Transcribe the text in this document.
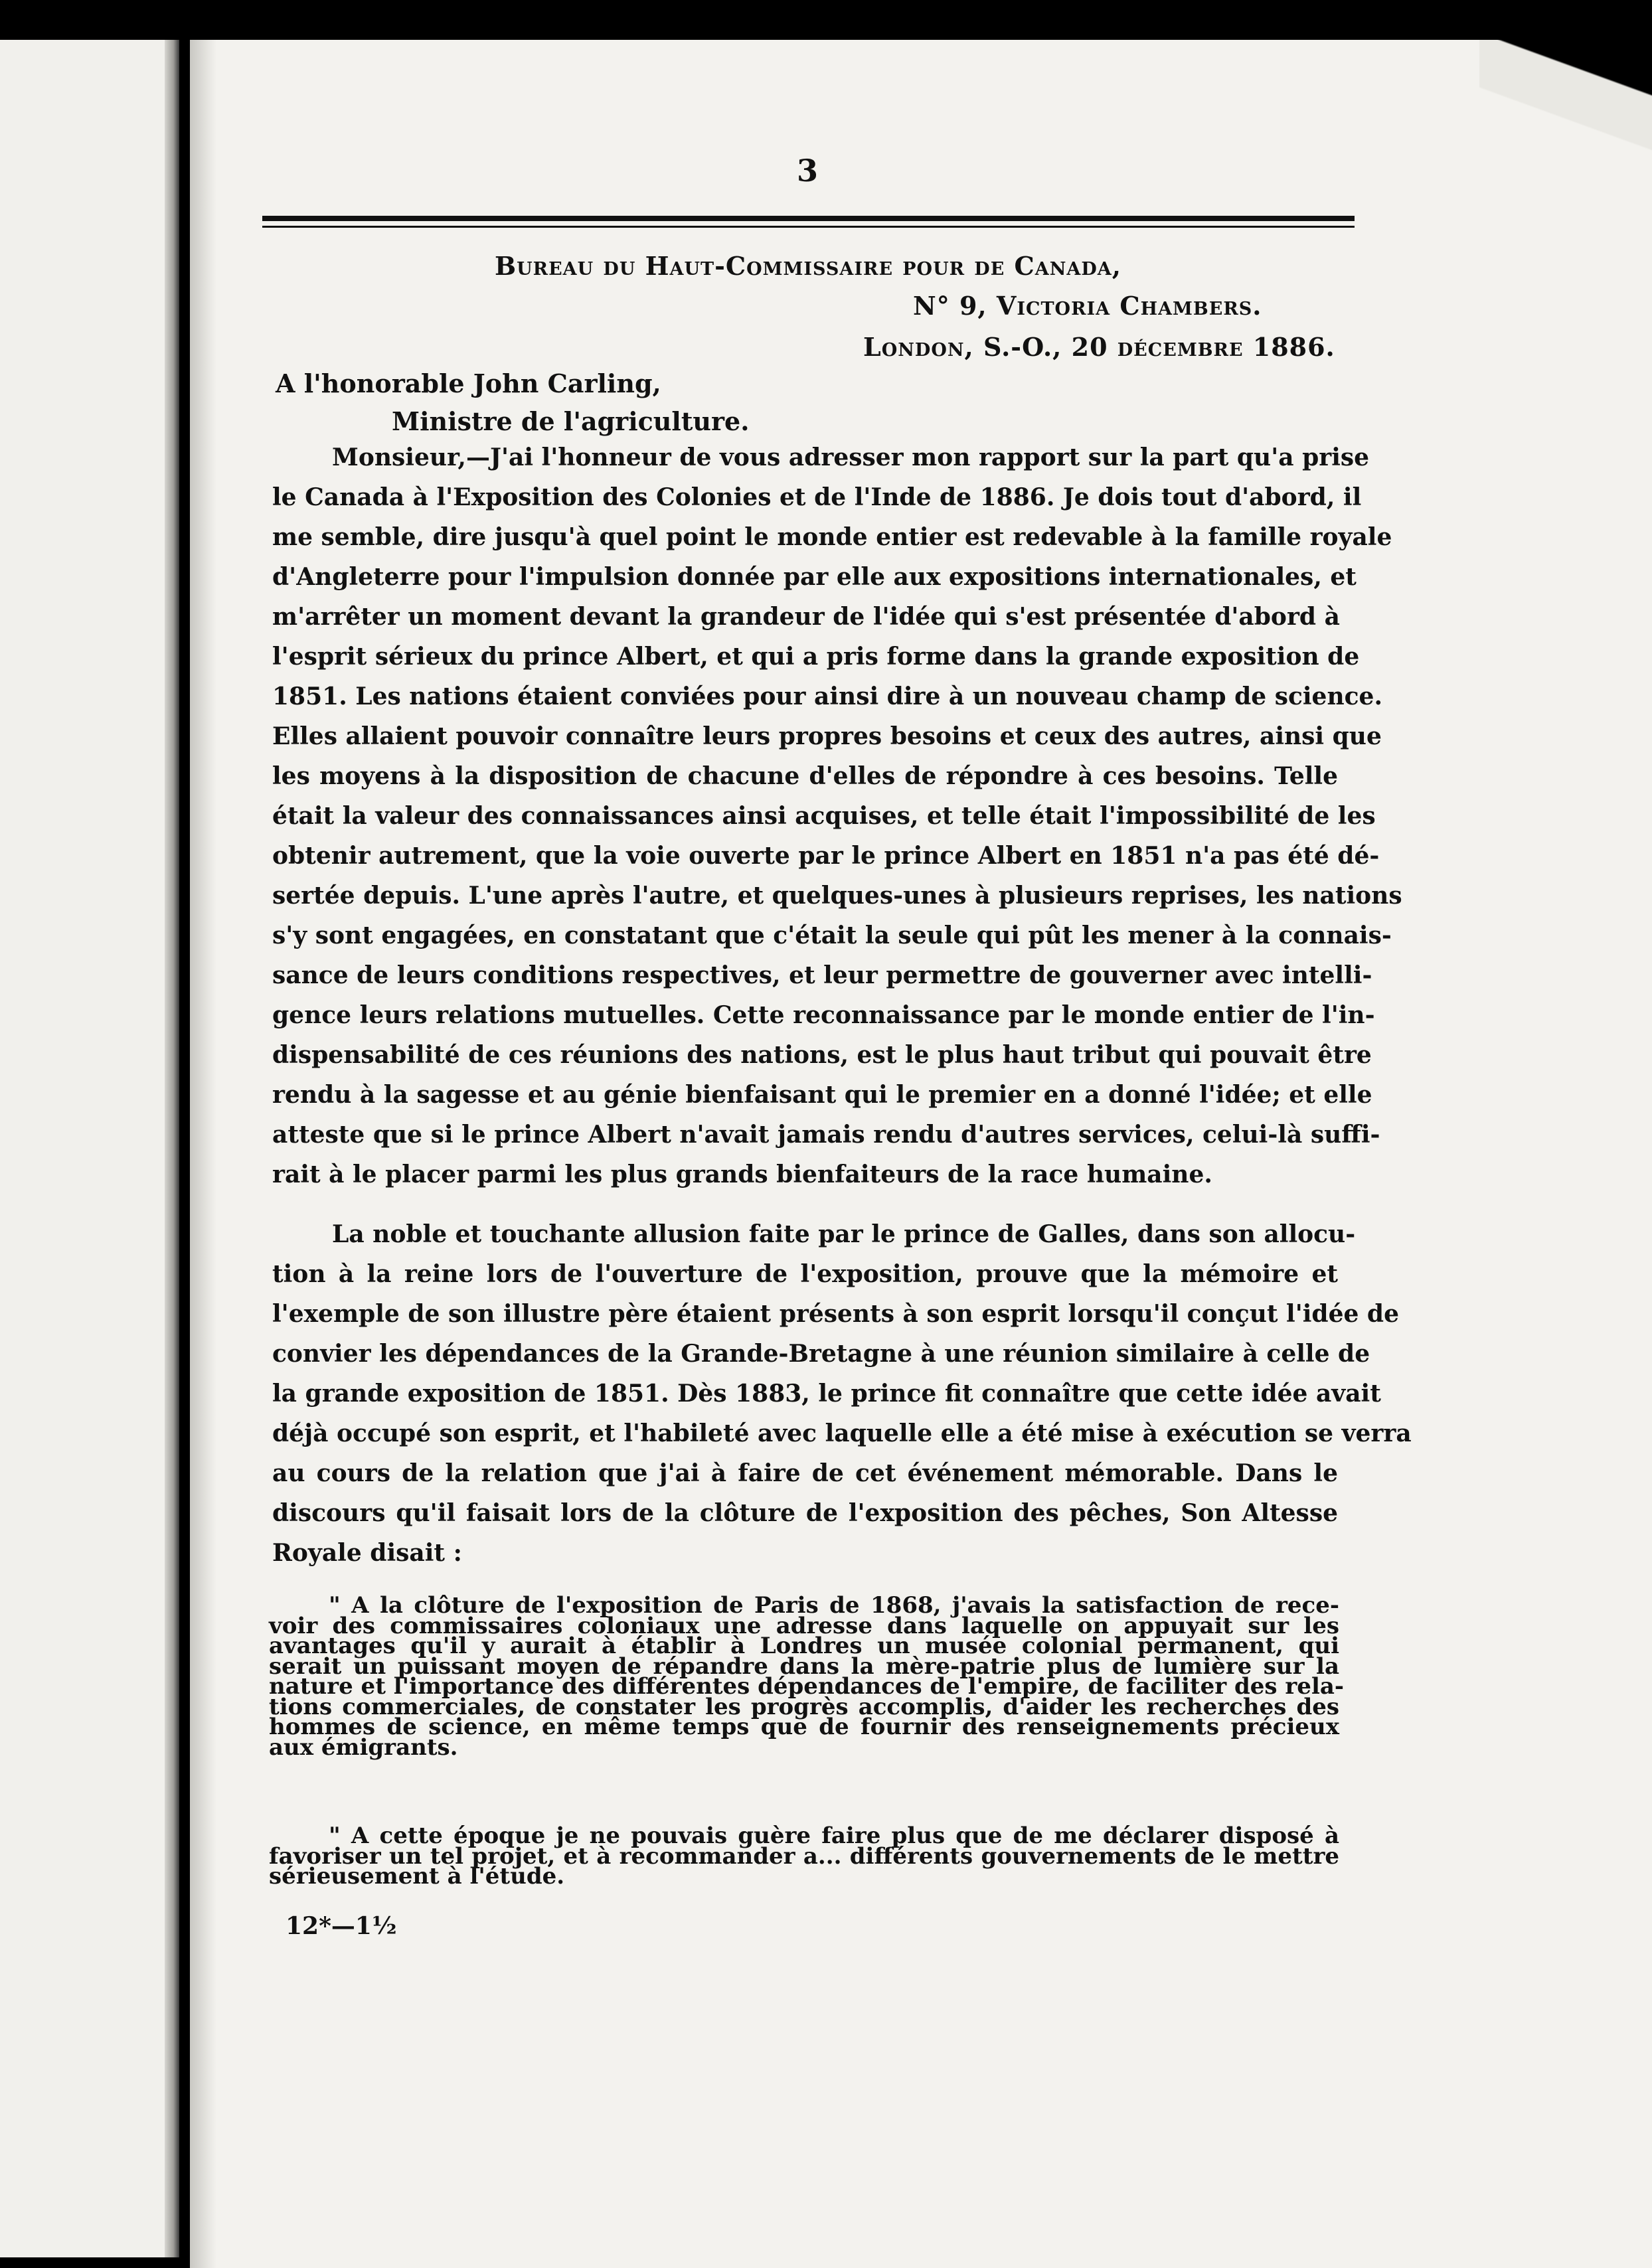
3
Bureau du Haut-Commissaire pour de Canada,
N° 9, Victoria Chambers.
London, S.-O., 20 décembre 1886.
A l'honorable John Carling,
Ministre de l'agriculture.
Monsieur,—J'ai l'honneur de vous adresser mon rapport sur la part qu'a prise
le Canada à l'Exposition des Colonies et de l'Inde de 1886. Je dois tout d'abord, il
me semble, dire jusqu'à quel point le monde entier est redevable à la famille royale
d'Angleterre pour l'impulsion donnée par elle aux expositions internationales, et
m'arrêter un moment devant la grandeur de l'idée qui s'est présentée d'abord à
l'esprit sérieux du prince Albert, et qui a pris forme dans la grande exposition de
1851. Les nations étaient conviées pour ainsi dire à un nouveau champ de science.
Elles allaient pouvoir connaître leurs propres besoins et ceux des autres, ainsi que
les moyens à la disposition de chacune d'elles de répondre à ces besoins. Telle
était la valeur des connaissances ainsi acquises, et telle était l'impossibilité de les
obtenir autrement, que la voie ouverte par le prince Albert en 1851 n'a pas été dé-
sertée depuis. L'une après l'autre, et quelques-unes à plusieurs reprises, les nations
s'y sont engagées, en constatant que c'était la seule qui pût les mener à la connais-
sance de leurs conditions respectives, et leur permettre de gouverner avec intelli-
gence leurs relations mutuelles. Cette reconnaissance par le monde entier de l'in-
dispensabilité de ces réunions des nations, est le plus haut tribut qui pouvait être
rendu à la sagesse et au génie bienfaisant qui le premier en a donné l'idée; et elle
atteste que si le prince Albert n'avait jamais rendu d'autres services, celui-là suffi-
rait à le placer parmi les plus grands bienfaiteurs de la race humaine.
La noble et touchante allusion faite par le prince de Galles, dans son allocu-
tion à la reine lors de l'ouverture de l'exposition, prouve que la mémoire et
l'exemple de son illustre père étaient présents à son esprit lorsqu'il conçut l'idée de
convier les dépendances de la Grande-Bretagne à une réunion similaire à celle de
la grande exposition de 1851. Dès 1883, le prince fit connaître que cette idée avait
déjà occupé son esprit, et l'habileté avec laquelle elle a été mise à exécution se verra
au cours de la relation que j'ai à faire de cet événement mémorable. Dans le
discours qu'il faisait lors de la clôture de l'exposition des pêches, Son Altesse
Royale disait :
" A la clôture de l'exposition de Paris de 1868, j'avais la satisfaction de rece-
voir des commissaires coloniaux une adresse dans laquelle on appuyait sur les
avantages qu'il y aurait à établir à Londres un musée colonial permanent, qui
serait un puissant moyen de répandre dans la mère-patrie plus de lumière sur la
nature et l'importance des différentes dépendances de l'empire, de faciliter des rela-
tions commerciales, de constater les progrès accomplis, d'aider les recherches des
hommes de science, en même temps que de fournir des renseignements précieux
aux émigrants.
" A cette époque je ne pouvais guère faire plus que de me déclarer disposé à
favoriser un tel projet, et à recommander a... différents gouvernements de le mettre
sérieusement à l'étude.
12*—1½
